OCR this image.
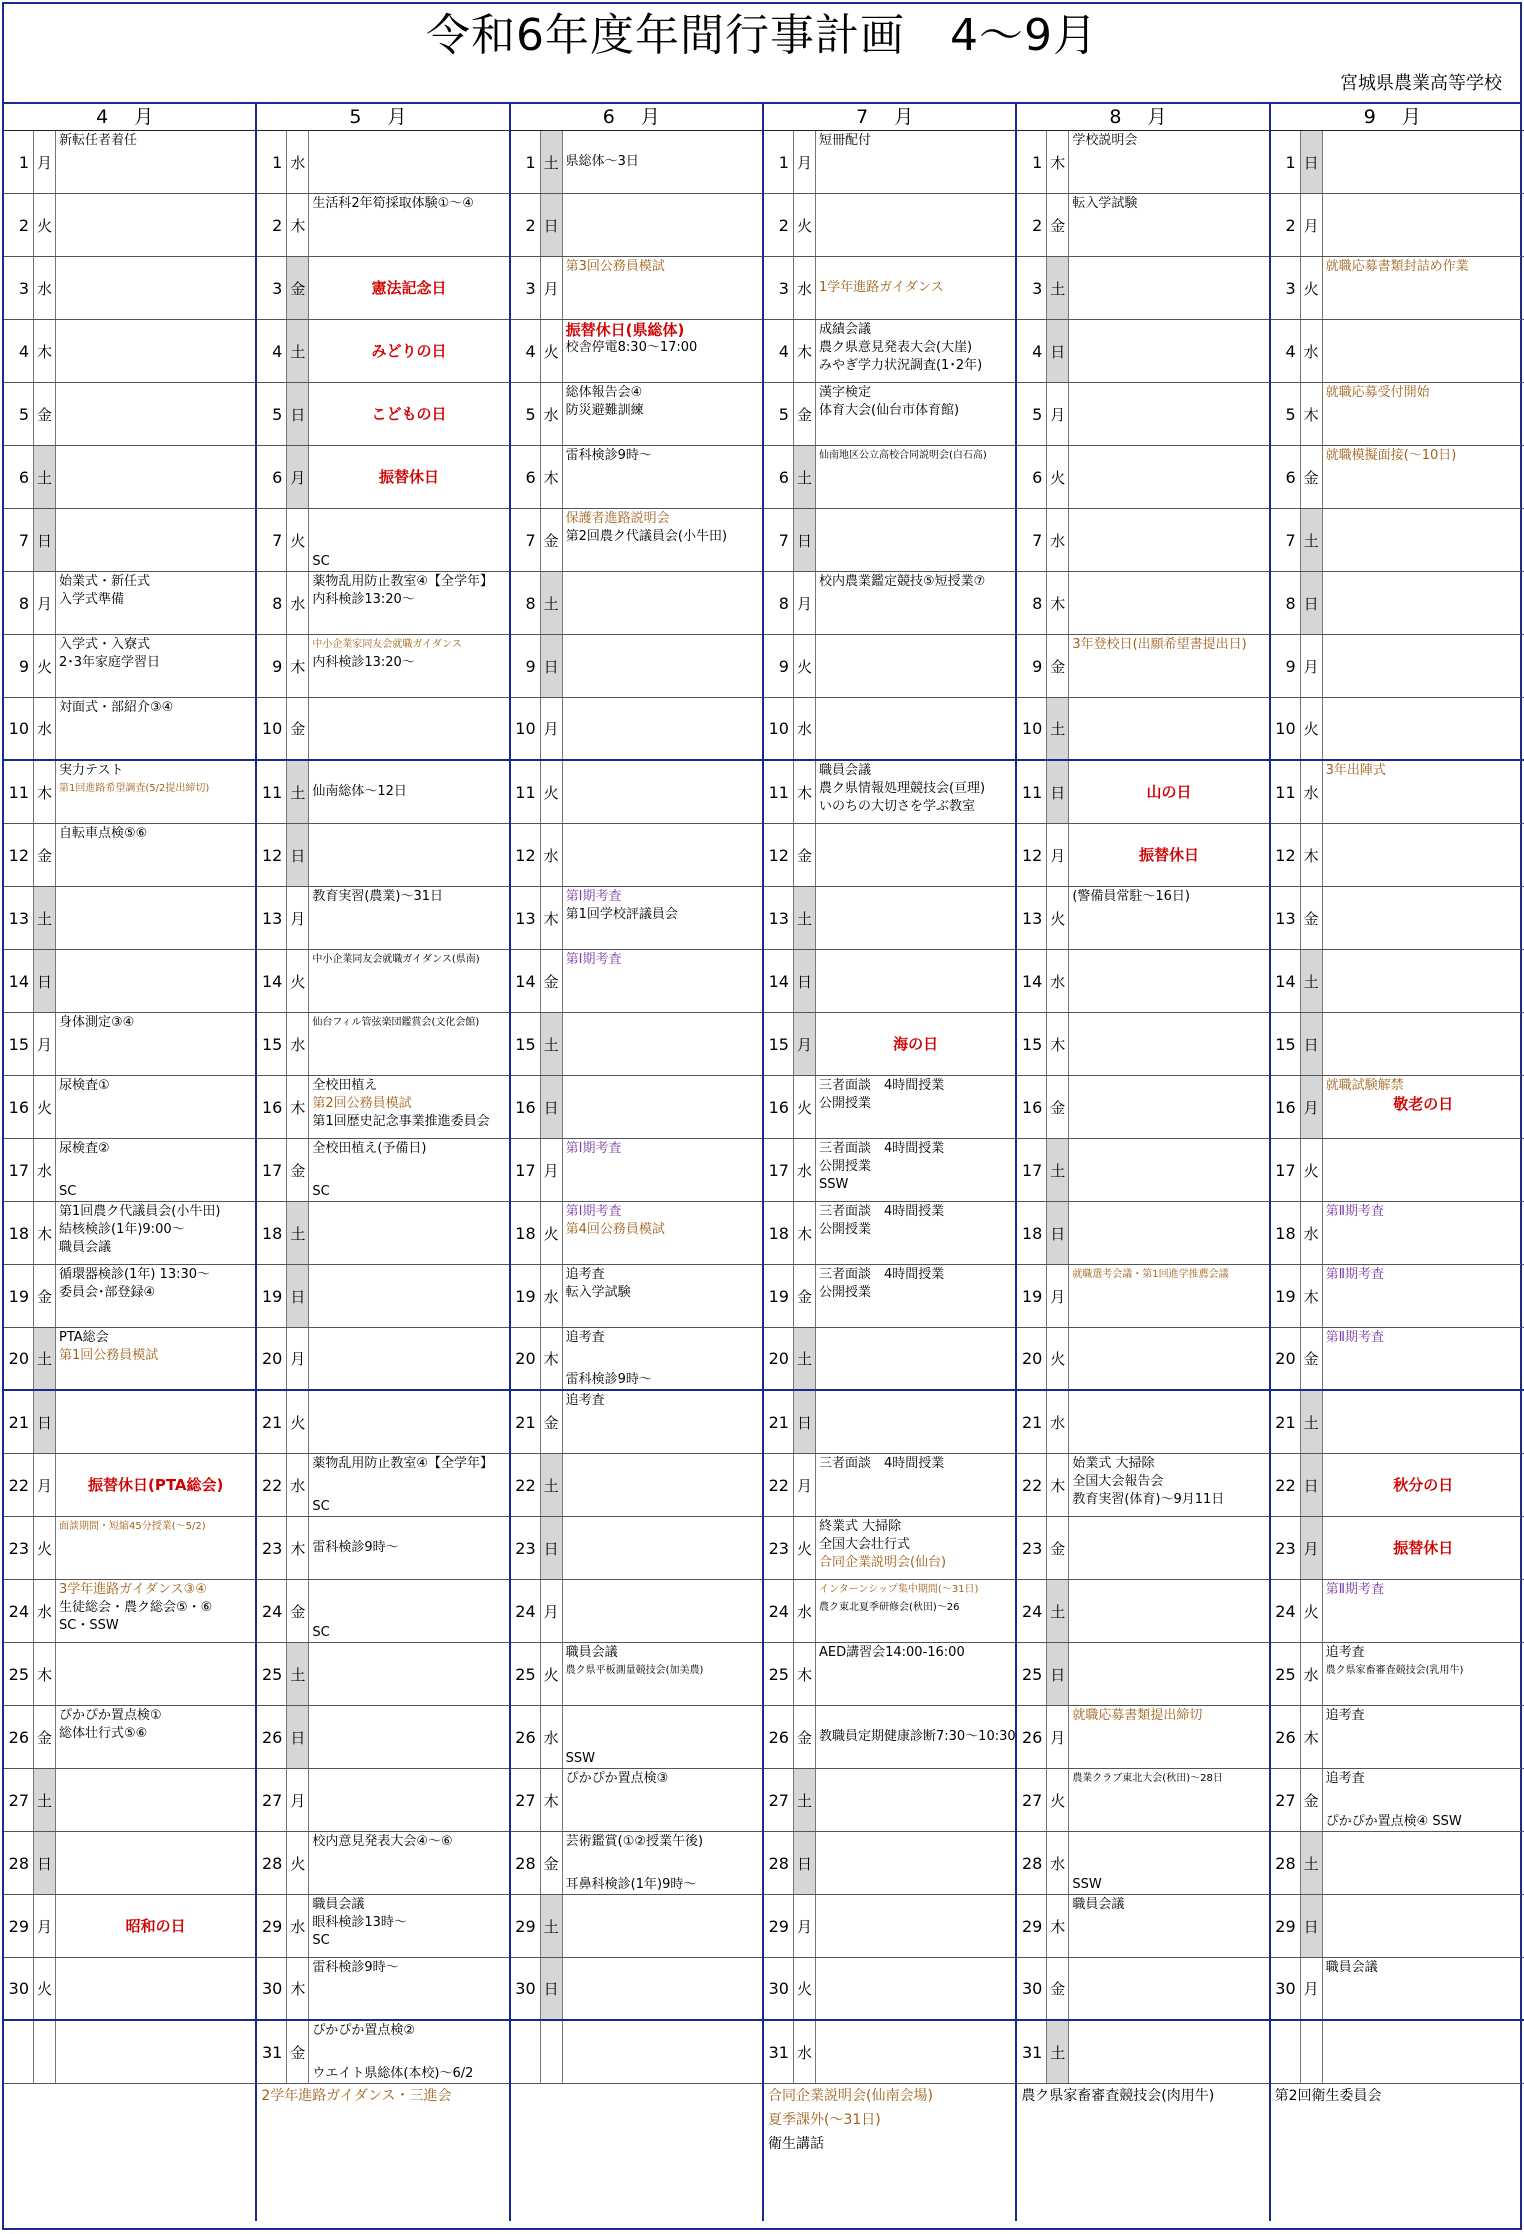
令和6年度年間行事計画　4〜9月
宮城県農業高等学校
4 月
1 月
新転任者着任
2 火
3 水
4 木
5 金
6 土
7 日
8 月
始業式・新任式
入学式準備
9 火
入学式・入寮式
2･3年家庭学習日
10 水
対面式・部紹介③④
11 木
実力テスト
第1回進路希望調査(5/2提出締切)
12 金
自転車点検⑤⑥
13 土
14 日
15 月
身体測定③④
16 火
尿検査①
17 水
尿検査②
SC
18 木
第1回農ク代議員会(小牛田)
結核検診(1年)9:00〜
職員会議
19 金
循環器検診(1年) 13:30〜
委員会･部登録④
20 土
PTA総会
第1回公務員模試
21 日
22 月	振替休日(PTA総会)
23 火
面談期間・短縮45分授業(〜5/2)
24 水
3学年進路ガイダンス③④
生徒総会・農ク総会⑤・⑥
SC・SSW
25 木
26 金
ぴかぴか置点検①
総体壮行式⑤⑥
27 土
28 日
29 月	昭和の日
30 火
5 月
1 水
2 木
生活科2年筍採取体験①〜④
3 金	憲法記念日
4 土	みどりの日
5 日	こどもの日
6 月	振替休日
7 火
SC
8 水
薬物乱用防止教室④【全学年】
内科検診13:20〜
9 木
中小企業家同友会就職ガイダンス
内科検診13:20〜
10 金
11 土 仙南総体〜12日
12 日
13 月
教育実習(農業)〜31日
14 火
中小企業同友会就職ガイダンス(県南)
15 水
仙台フィル管弦楽団鑑賞会(文化会館)
16 木
全校田植え
第2回公務員模試
第1回歴史記念事業推進委員会
17 金
全校田植え(予備日)
SC
18 土
19 日
20 月
21 火
22 水
薬物乱用防止教室④【全学年】
SC
23 木 雷科検診9時〜
24 金
SC
25 土
26 日
27 月
28 火
校内意見発表大会④〜⑥
29 水
職員会議
眼科検診13時〜
SC
30 木
雷科検診9時〜
31 金
ぴかぴか置点検②
ウエイト県総体(本校)〜6/2
2学年進路ガイダンス・三進会
6 月
1 土 県総体〜3日
2 日
3 月
第3回公務員模試
4 火
振替休日(県総体)
校舎停電8:30〜17:00
5 水
総体報告会④
防災避難訓練
6 木
雷科検診9時〜
7 金
保護者進路説明会
第2回農ク代議員会(小牛田)
8 土
9 日
10 月
11 火
12 水
13 木
第Ⅰ期考査
第1回学校評議員会
14 金
第Ⅰ期考査
15 土
16 日
17 月
第Ⅰ期考査
18 火
第Ⅰ期考査
第4回公務員模試
19 水
追考査
転入学試験
20 木
追考査
雷科検診9時〜
21 金
追考査
22 土
23 日
24 月
25 火
職員会議
農ク県平板測量競技会(加美農)
26 水
SSW
27 木
ぴかぴか置点検③
28 金
芸術鑑賞(①②授業午後)
耳鼻科検診(1年)9時〜
29 土
30 日
7 月
1 月
短冊配付
2 火
3 水 1学年進路ガイダンス
4 木
成績会議
農ク県意見発表大会(大崖)
みやぎ学力状況調査(1･2年)
5 金
漢字検定
体育大会(仙台市体育館)
6 土
仙南地区公立高校合同説明会(白石高)
7 日
8 月
校内農業鑑定競技⑤短授業⑦
9 火
10 水
11 木
職員会議
農ク県情報処理競技会(亘理)
いのちの大切さを学ぶ教室
12 金
13 土
14 日
15 月	海の日
16 火
三者面談　4時間授業
公開授業
17 水
三者面談　4時間授業
公開授業
SSW
18 木
三者面談　4時間授業
公開授業
19 金
三者面談　4時間授業
公開授業
20 土
21 日
22 月
三者面談　4時間授業
23 火
終業式 大掃除
全国大会壮行式
合同企業説明会(仙台)
24 水
インターンシップ集中期間(〜31日)
農ク東北夏季研修会(秋田)〜26
25 木
AED講習会14:00-16:00
26 金 教職員定期健康診断7:30〜10:30
27 土
28 日
29 月
30 火
31 水
合同企業説明会(仙南会場)
夏季課外(〜31日)
衛生講話
8 月
1 木
学校説明会
2 金
転入学試験
3 土
4 日
5 月
6 火
7 水
8 木
9 金
3年登校日(出願希望書提出日)
10 土
11 日	山の日
12 月	振替休日
13 火
(警備員常駐〜16日)
14 水
15 木
16 金
17 土
18 日
19 月
就職選考会議・第1回進学推薦会議
20 火
21 水
22 木
始業式 大掃除
全国大会報告会
教育実習(体育)〜9月11日
23 金
24 土
25 日
26 月
就職応募書類提出締切
27 火
農業クラブ東北大会(秋田)〜28日
28 水
SSW
29 木
職員会議
30 金
31 土
農ク県家畜審査競技会(肉用牛)
9 月
1 日
2 月
3 火
就職応募書類封詰め作業
4 水
5 木
就職応募受付開始
6 金
就職模擬面接(〜10日)
7 土
8 日
9 月
10 火
11 水
3年出陣式
12 木
13 金
14 土
15 日
16 月
就職試験解禁
敬老の日
17 火
18 水
第Ⅱ期考査
19 木
第Ⅱ期考査
20 金
第Ⅱ期考査
21 土
22 日	秋分の日
23 月	振替休日
24 火
第Ⅱ期考査
25 水
追考査
農ク県家畜審査競技会(乳用牛)
26 木
追考査
27 金
追考査
ぴかぴか置点検④ SSW
28 土
29 日
30 月
職員会議
第2回衛生委員会
